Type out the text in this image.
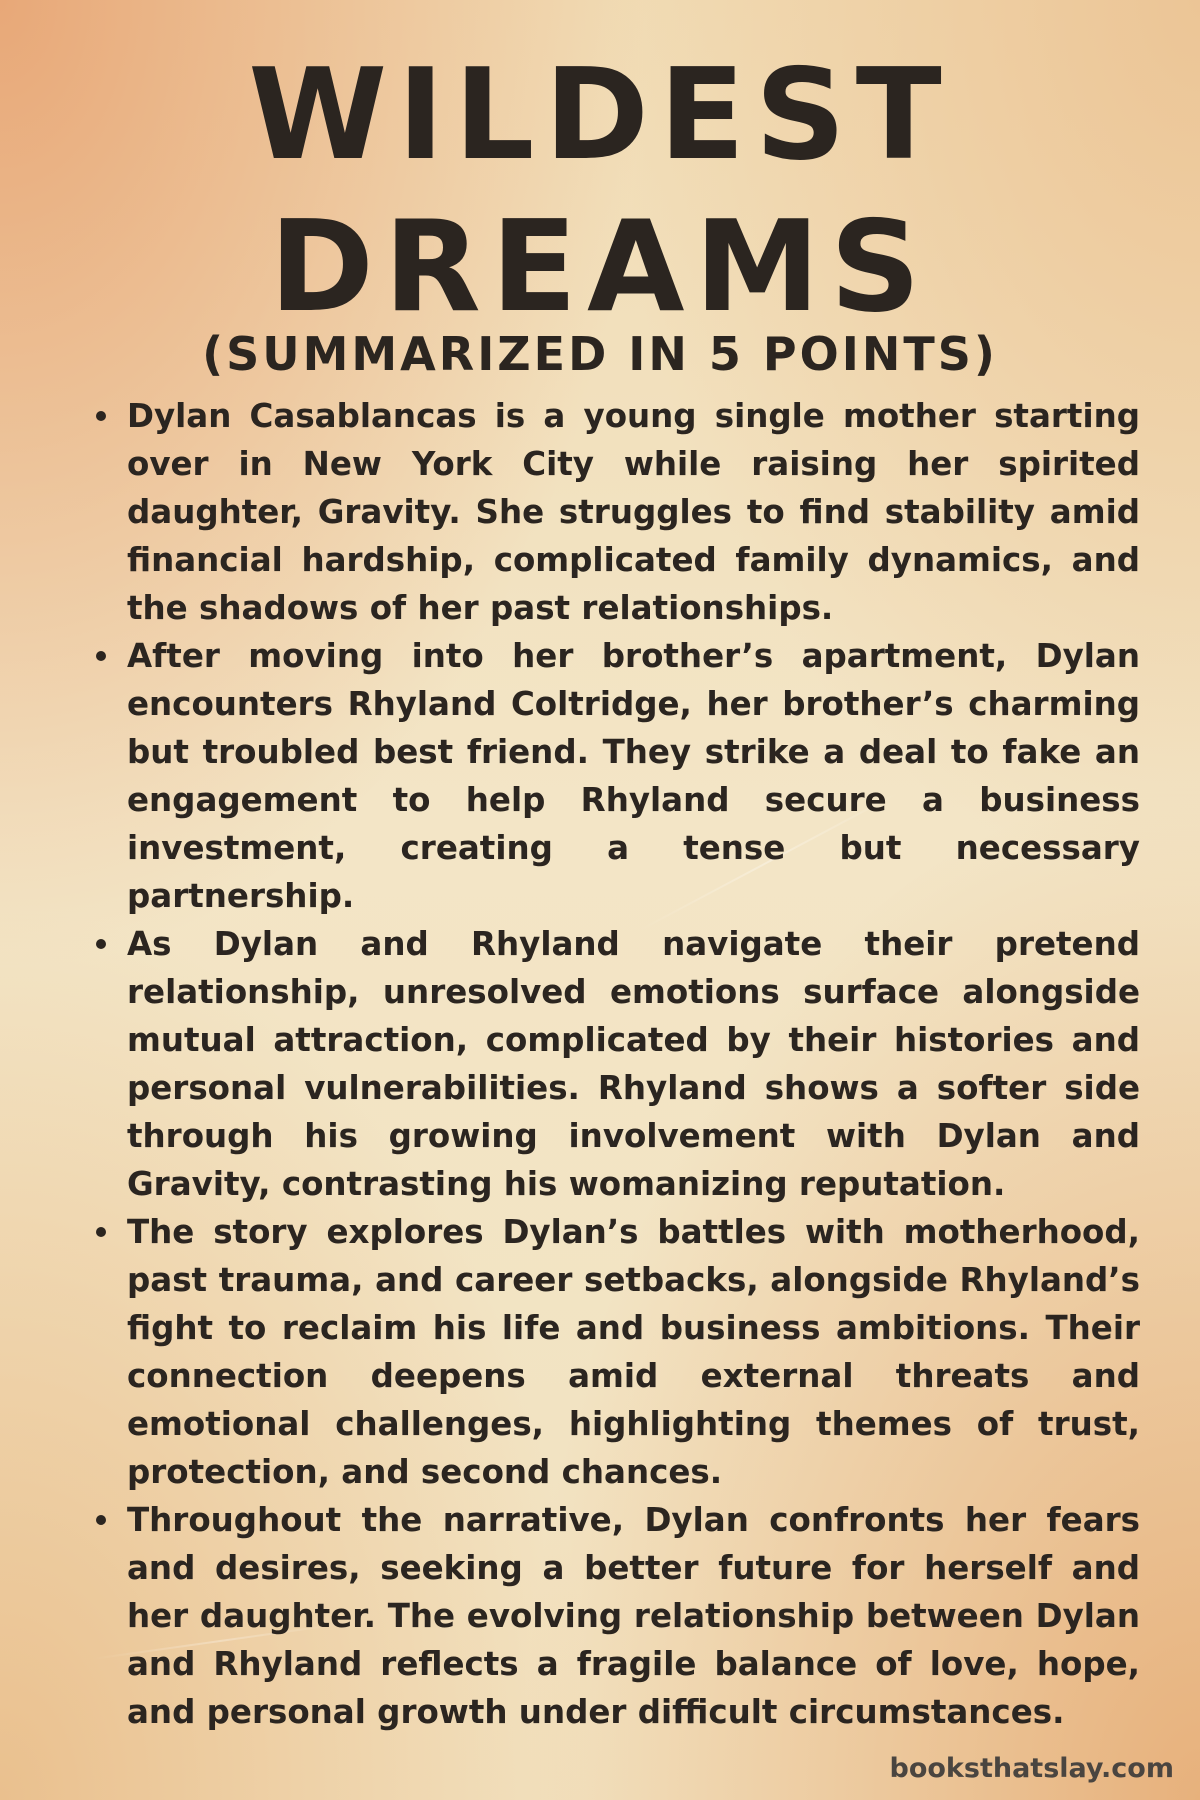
WILDEST
DREAMS
(SUMMARIZED IN 5 POINTS)
Dylan Casablancas is a young single mother starting over in New York City while raising her spirited daughter, Gravity. She struggles to find stability amid financial hardship, complicated family dynamics, and the shadows of her past relationships.
After moving into her brother’s apartment, Dylan encounters Rhyland Coltridge, her brother’s charming but troubled best friend. They strike a deal to fake an engagement to help Rhyland secure a business investment, creating a tense but necessary partnership.
As Dylan and Rhyland navigate their pretend relationship, unresolved emotions surface alongside mutual attraction, complicated by their histories and personal vulnerabilities. Rhyland shows a softer side through his growing involvement with Dylan and Gravity, contrasting his womanizing reputation.
The story explores Dylan’s battles with motherhood, past trauma, and career setbacks, alongside Rhyland’s fight to reclaim his life and business ambitions. Their connection deepens amid external threats and emotional challenges, highlighting themes of trust, protection, and second chances.
Throughout the narrative, Dylan confronts her fears and desires, seeking a better future for herself and her daughter. The evolving relationship between Dylan and Rhyland reflects a fragile balance of love, hope, and personal growth under difficult circumstances.
booksthatslay.com
